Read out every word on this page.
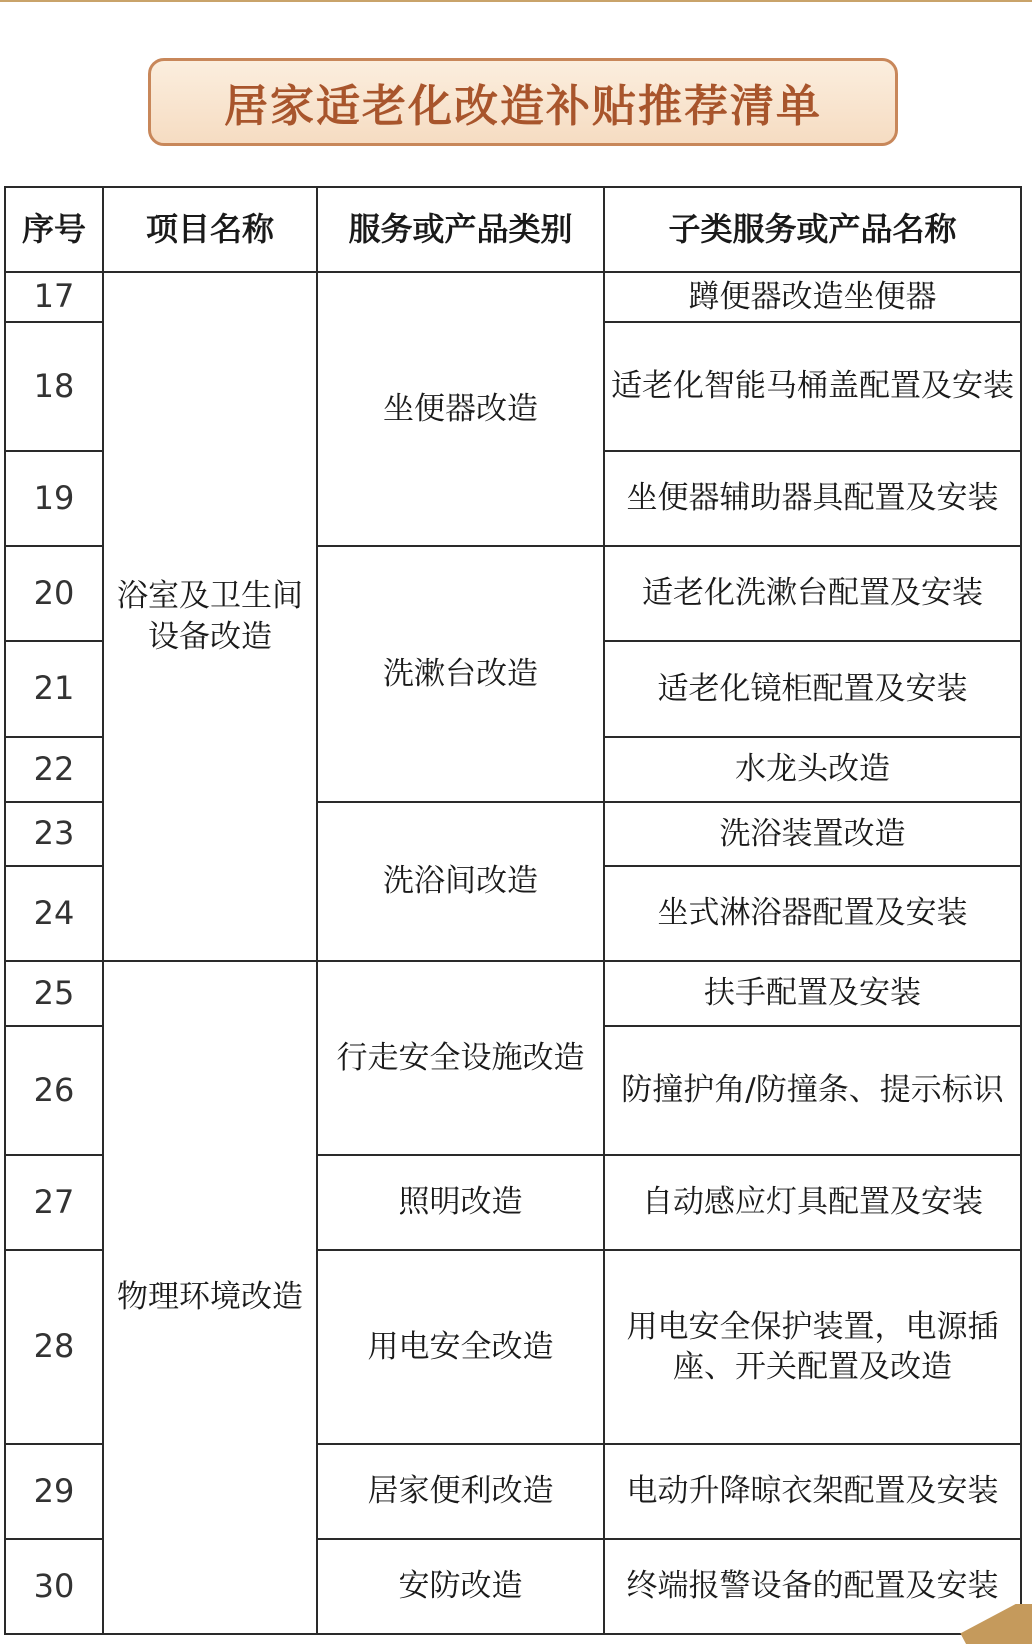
居家适老化改造补贴推荐清单
序号	项目名称	服务或产品类别	子类服务或产品名称
17	浴室及卫生间设备改造	坐便器改造	蹲便器改造坐便器
18			适老化智能马桶盖配置及安装
19			坐便器辅助器具配置及安装
20		洗漱台改造	适老化洗漱台配置及安装
21			适老化镜柜配置及安装
22			水龙头改造
23		洗浴间改造	洗浴装置改造
24			坐式淋浴器配置及安装
25	物理环境改造	行走安全设施改造	扶手配置及安装
26			防撞护角/防撞条、提示标识
27		照明改造	自动感应灯具配置及安装
28		用电安全改造	用电安全保护装置，电源插座、开关配置及改造
29		居家便利改造	电动升降晾衣架配置及安装
30		安防改造	终端报警设备的配置及安装
